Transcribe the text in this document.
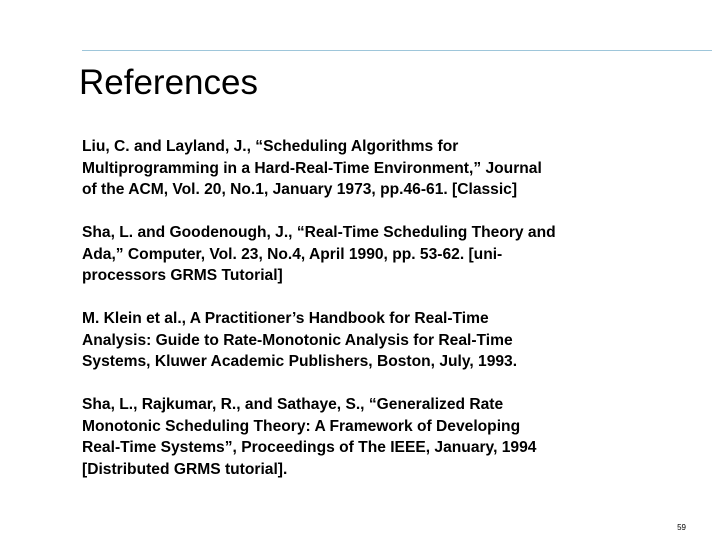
References

Liu, C. and Layland, J., “Scheduling Algorithms for
Multiprogramming in a Hard-Real-Time Environment,” Journal
of the ACM, Vol. 20, No.1, January 1973, pp.46-61. [Classic]

Sha, L. and Goodenough, J., “Real-Time Scheduling Theory and
Ada,” Computer, Vol. 23, No.4, April 1990, pp. 53-62. [uni-
processors GRMS Tutorial]

M. Klein et al., A Practitioner’s Handbook for Real-Time
Analysis: Guide to Rate-Monotonic Analysis for Real-Time
Systems, Kluwer Academic Publishers, Boston, July, 1993.

Sha, L., Rajkumar, R., and Sathaye, S., “Generalized Rate
Monotonic Scheduling Theory: A Framework of Developing
Real-Time Systems”, Proceedings of The IEEE, January, 1994
[Distributed GRMS tutorial].

59
